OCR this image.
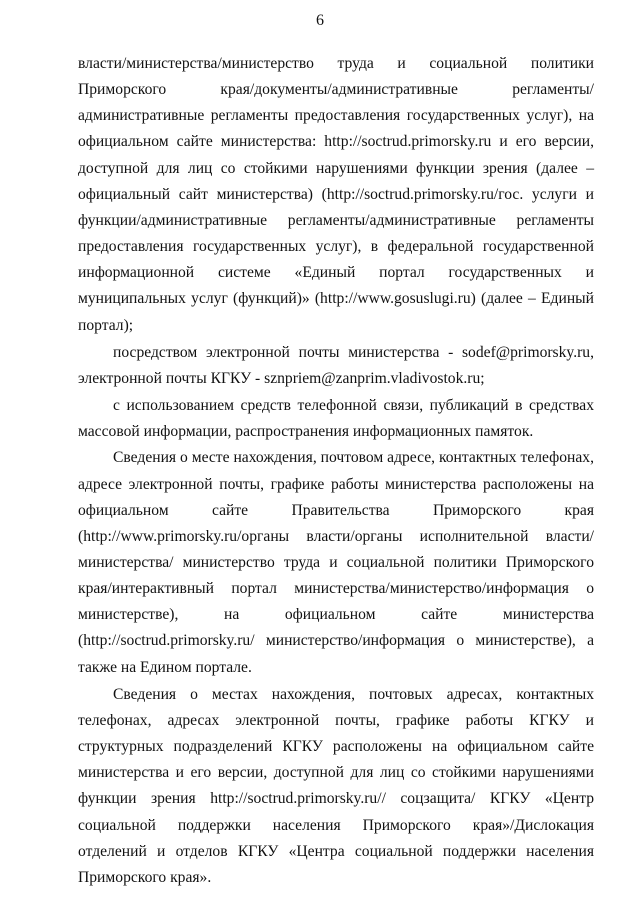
6

власти/министерства/министерство труда и социальной политики Приморского края/документы/административные регламенты/административные регламенты предоставления государственных услуг), на официальном сайте министерства: http://soctrud.primorsky.ru и его версии, доступной для лиц со стойкими нарушениями функции зрения (далее – официальный сайт министерства) (http://soctrud.primorsky.ru/гос. услуги и функции/административные регламенты/административные регламенты предоставления государственных услуг), в федеральной государственной информационной системе «Единый портал государственных и муниципальных услуг (функций)» (http://www.gosuslugi.ru) (далее – Единый портал);

посредством электронной почты министерства - sodef@primorsky.ru, электронной почты КГКУ - sznpriem@zanprim.vladivostok.ru;

с использованием средств телефонной связи, публикаций в средствах массовой информации, распространения информационных памяток.

Сведения о месте нахождения, почтовом адресе, контактных телефонах, адресе электронной почты, графике работы министерства расположены на официальном сайте Правительства Приморского края (http://www.primorsky.ru/органы власти/органы исполнительной власти/ министерства/ министерство труда и социальной политики Приморского края/интерактивный портал министерства/министерство/информация о министерстве), на официальном сайте министерства (http://soctrud.primorsky.ru/ министерство/информация о министерстве), а также на Едином портале.

Сведения о местах нахождения, почтовых адресах, контактных телефонах, адресах электронной почты, графике работы КГКУ и структурных подразделений КГКУ расположены на официальном сайте министерства и его версии, доступной для лиц со стойкими нарушениями функции зрения http://soctrud.primorsky.ru// соцзащита/ КГКУ «Центр социальной поддержки населения Приморского края»/Дислокация отделений и отделов КГКУ «Центра социальной поддержки населения Приморского края».
